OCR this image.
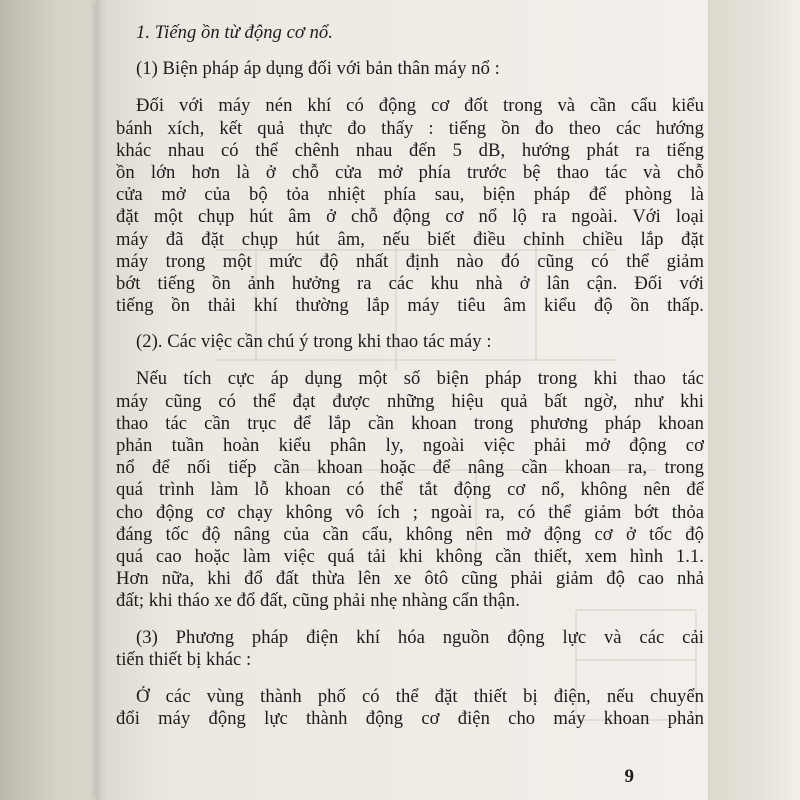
1. Tiếng ồn từ động cơ nổ.
(1) Biện pháp áp dụng đối với bản thân máy nổ :
Đối với máy nén khí có động cơ đốt trong và cần cẩu kiểu
bánh xích, kết quả thực đo thấy : tiếng ồn đo theo các hướng
khác nhau có thể chênh nhau đến 5 dB, hướng phát ra tiếng
ồn lớn hơn là ở chỗ cửa mở phía trước bệ thao tác và chỗ
cửa mở của bộ tỏa nhiệt phía sau, biện pháp để phòng là
đặt một chụp hút âm ở chỗ động cơ nổ lộ ra ngoài. Với loại
máy đã đặt chụp hút âm, nếu biết điều chỉnh chiều lắp đặt
máy trong một mức độ nhất định nào đó cũng có thể giảm
bớt tiếng ồn ảnh hưởng ra các khu nhà ở lân cận. Đối với
tiếng ồn thải khí thường lắp máy tiêu âm kiểu độ ồn thấp.
(2). Các việc cần chú ý trong khi thao tác máy :
Nếu tích cực áp dụng một số biện pháp trong khi thao tác
máy cũng có thể đạt được những hiệu quả bất ngờ, như khi
thao tác cần trục để lắp cần khoan trong phương pháp khoan
phản tuần hoàn kiểu phân ly, ngoài việc phải mở động cơ
nổ để nối tiếp cần khoan hoặc để nâng cần khoan ra, trong
quá trình làm lỗ khoan có thể tắt động cơ nổ, không nên để
cho động cơ chạy không vô ích ; ngoài ra, có thể giảm bớt thỏa
đáng tốc độ nâng của cần cẩu, không nên mở động cơ ở tốc độ
quá cao hoặc làm việc quá tải khi không cần thiết, xem hình 1.1.
Hơn nữa, khi đổ đất thừa lên xe ôtô cũng phải giảm độ cao nhả
đất; khi tháo xe đổ đất, cũng phải nhẹ nhàng cẩn thận.
(3) Phương pháp điện khí hóa nguồn động lực và các cải
tiến thiết bị khác :
Ở các vùng thành phố có thể đặt thiết bị điện, nếu chuyển
đổi máy động lực thành động cơ điện cho máy khoan phản
9
